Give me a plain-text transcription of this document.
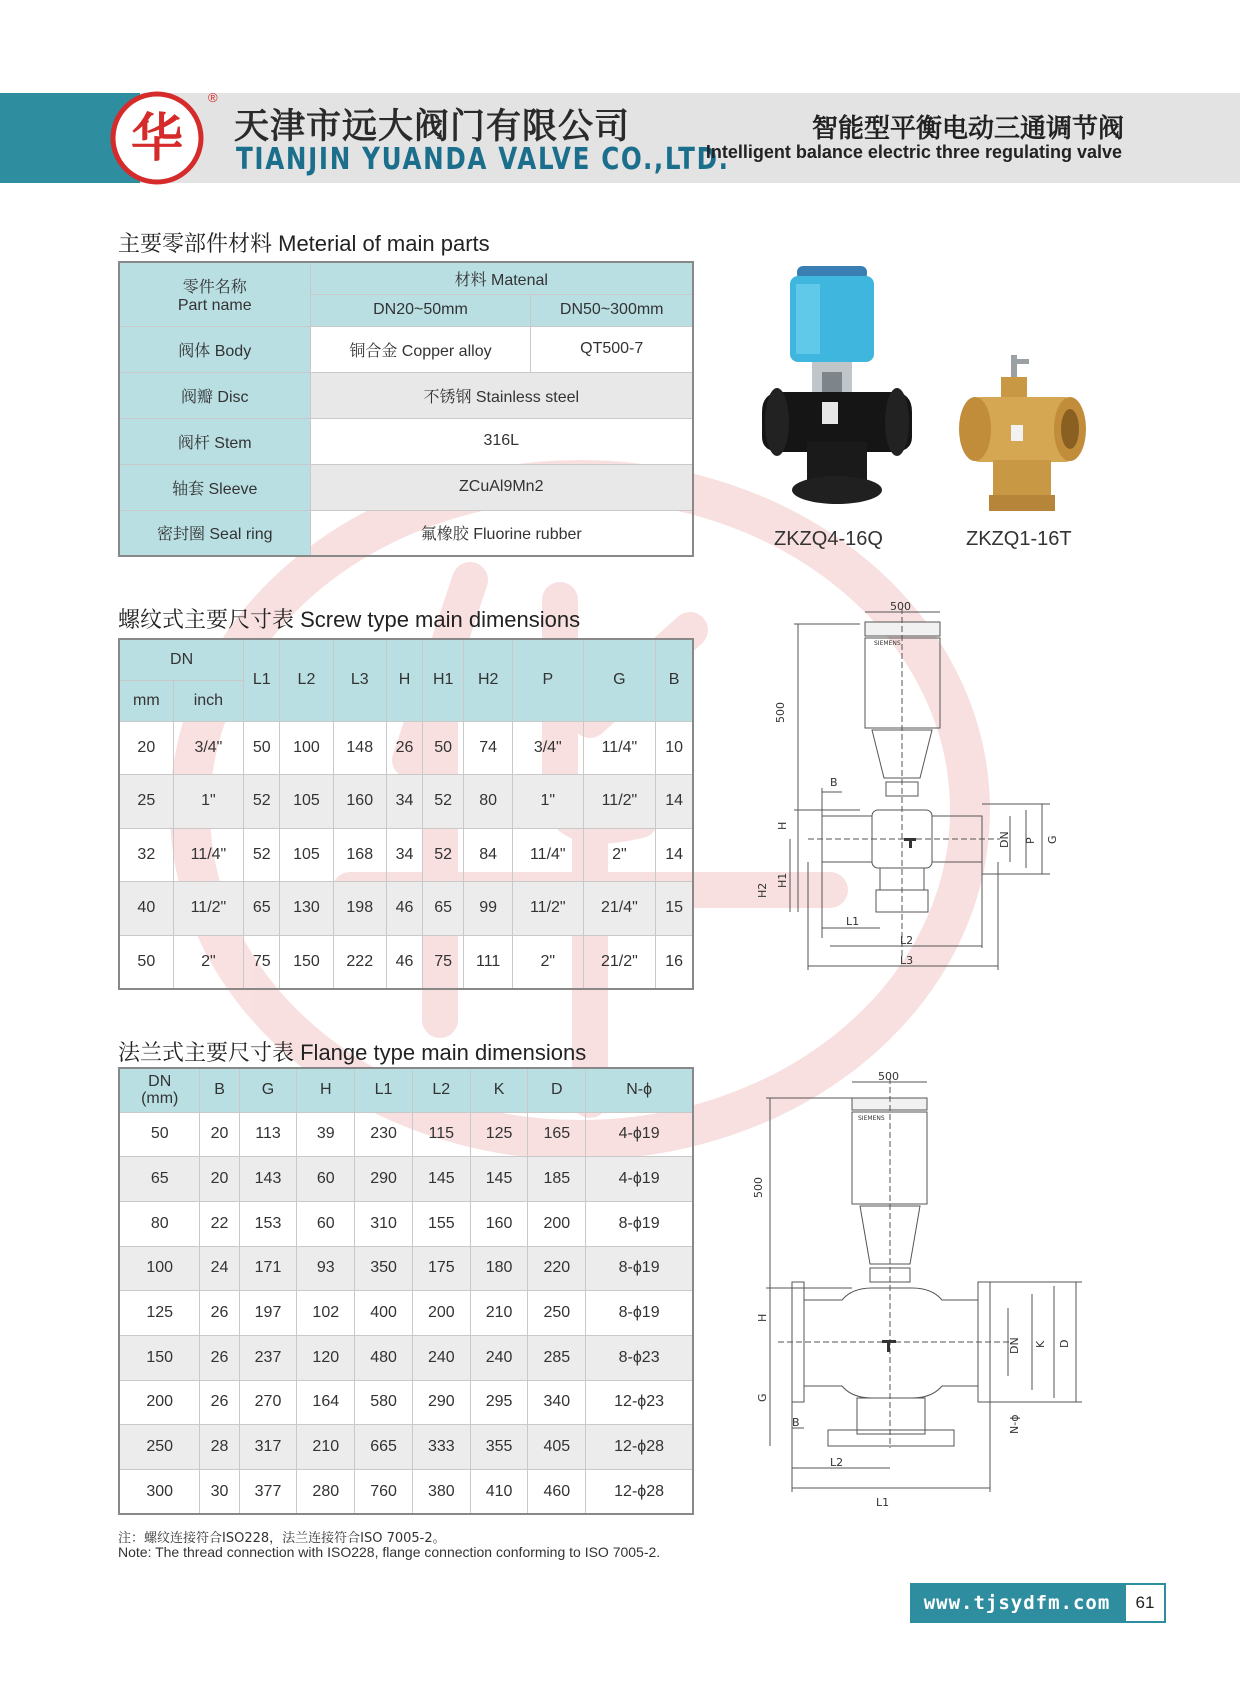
华
®
天津市远大阀门有限公司
TIANJIN YUANDA VALVE CO.,LTD.
智能型平衡电动三通调节阀
Intelligent balance electric three regulating valve
主要零部件材料 Meterial of main parts
零件名称
Part name	材料 Matenal	
	DN20~50mm	DN50~300mm
阀体 Body	铜合金 Copper alloy	QT500-7
阀瓣 Disc	不锈钢 Stainless steel	
阀杆 Stem	316L	
轴套 Sleeve	ZCuAl9Mn2	
密封圈 Seal ring	氟橡胶 Fluorine rubber		ZKZQ4-16Q	ZKZQ1-16T
螺纹式主要尺寸表 Screw type main dimensions
DN		L1	L2	L3	H	H1	H2	P	G	B
mm	inch									
20	3/4"	50	100	148	26	50	74	3/4"	11/4"	10
25	1"	52	105	160	34	52	80	1"	11/2"	14
32	11/4"	52	105	168	34	52	84	11/4"	2"	14
40	11/2"	65	130	198	46	65	99	11/2"	21/4"	15
50	2"	75	150	222	46	75	111	2"	21/2"	16
500
SIEMENS
500
B
H
H1
H2
DN P G
L1
L2
L3
法兰式主要尺寸表 Flange type main dimensions
DN
(mm)	B	G	H	L1	L2	K	D	N-ϕ
50	20	113	39	230	115	125	165	4-ϕ19
65	20	143	60	290	145	145	185	4-ϕ19
80	22	153	60	310	155	160	200	8-ϕ19
100	24	171	93	350	175	180	220	8-ϕ19
125	26	197	102	400	200	210	250	8-ϕ19
150	26	237	120	480	240	240	285	8-ϕ23
200	26	270	164	580	290	295	340	12-ϕ23
250	28	317	210	665	333	355	405	12-ϕ28
300	30	377	280	760	380	410	460	12-ϕ28
500
SIEMENS
500
H
G
B
DN K D
N-ϕ
L1
L2
注：螺纹连接符合ISO228，法兰连接符合ISO 7005-2。
Note: The thread connection with ISO228, flange connection conforming to ISO 7005-2.
www.tjsydfm.com	61
